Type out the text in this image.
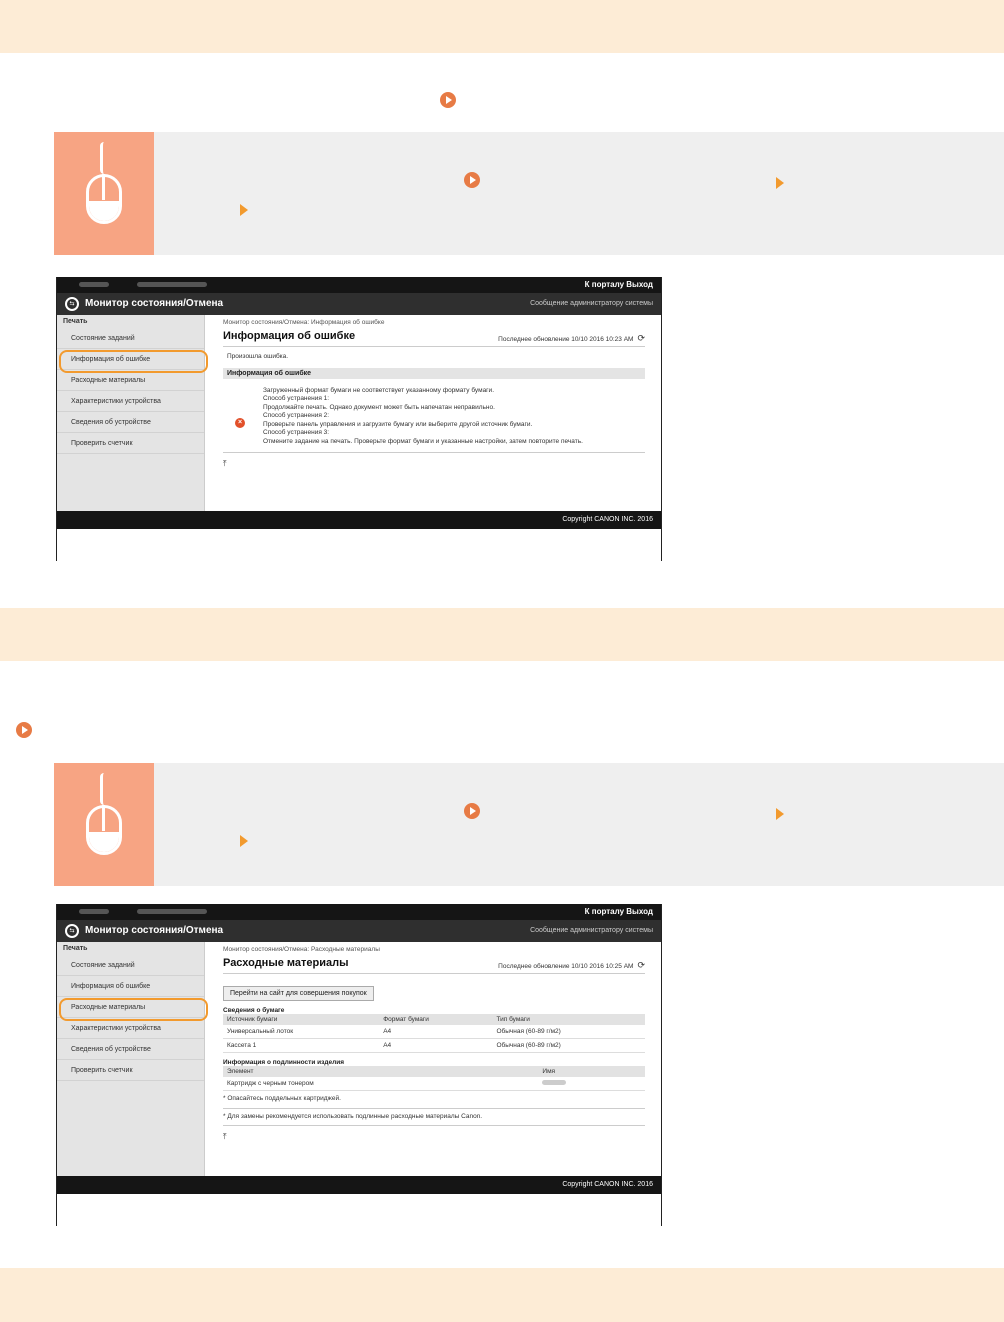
К порталу Выход
⇆	Монитор состояния/Отмена	Сообщение администратору системы
Печать
Состояние заданий
Информация об ошибке
Расходные материалы
Характеристики устройства
Сведения об устройстве
Проверить счетчик
Монитор состояния/Отмена: Информация об ошибке
Информация об ошибке	Последнее обновление 10/10 2016 10:23 AM ⟳
Произошла ошибка.
Информация об ошибке
×
Загруженный формат бумаги не соответствует указанному формату бумаги.
Способ устранения 1:
Продолжайте печать. Однако документ может быть напечатан неправильно.
Способ устранения 2:
Проверьте панель управления и загрузите бумагу или выберите другой источник бумаги.
Способ устранения 3:
Отмените задание на печать. Проверьте формат бумаги и указанные настройки, затем повторите печать.
⤒
Copyright CANON INC. 2016
К порталу Выход
⇆	Монитор состояния/Отмена	Сообщение администратору системы
Печать
Состояние заданий
Информация об ошибке
Расходные материалы
Характеристики устройства
Сведения об устройстве
Проверить счетчик
Монитор состояния/Отмена: Расходные материалы
Расходные материалы	Последнее обновление 10/10 2016 10:25 AM ⟳
Перейти на сайт для совершения покупок
Сведения о бумаге
Источник бумаги	Формат бумаги	Тип бумаги
Универсальный лоток	A4	Обычная (60-89 г/м2)
Кассета 1	A4	Обычная (60-89 г/м2)
Информация о подлинности изделия
Элемент	Имя
Картридж с черным тонером	
* Опасайтесь поддельных картриджей.
* Для замены рекомендуется использовать подлинные расходные материалы Canon.
⤒
Copyright CANON INC. 2016
